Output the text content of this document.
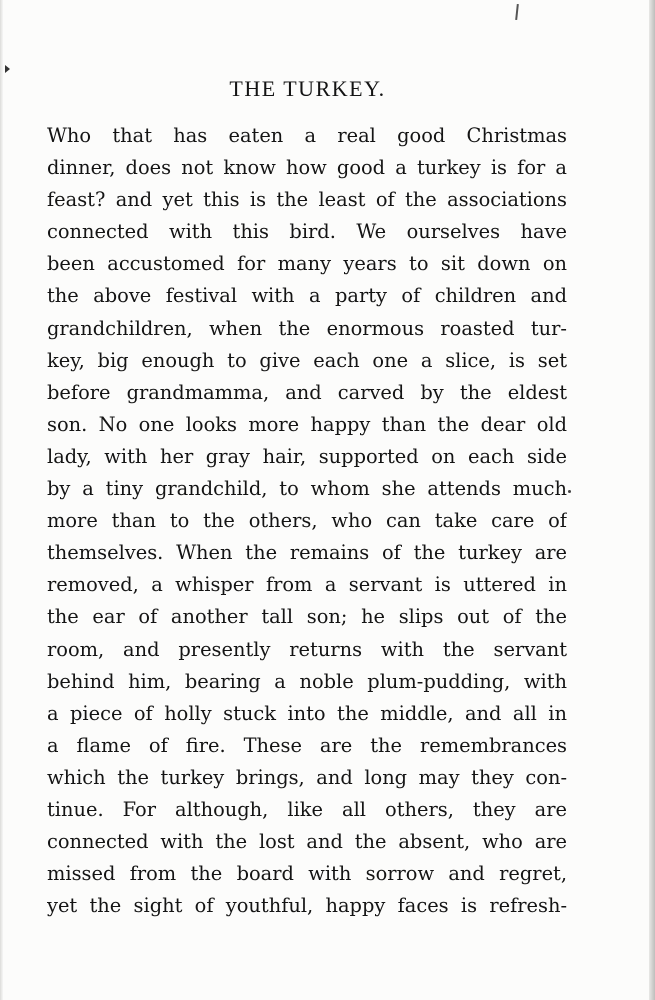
THE TURKEY.
Who that has eaten a real good Christmas
dinner, does not know how good a turkey is for a
feast? and yet this is the least of the associations
connected with this bird. We ourselves have
been accustomed for many years to sit down on
the above festival with a party of children and
grandchildren, when the enormous roasted tur-
key, big enough to give each one a slice, is set
before grandmamma, and carved by the eldest
son. No one looks more happy than the dear old
lady, with her gray hair, supported on each side
by a tiny grandchild, to whom she attends much
more than to the others, who can take care of
themselves. When the remains of the turkey are
removed, a whisper from a servant is uttered in
the ear of another tall son; he slips out of the
room, and presently returns with the servant
behind him, bearing a noble plum-pudding, with
a piece of holly stuck into the middle, and all in
a flame of fire. These are the remembrances
which the turkey brings, and long may they con-
tinue. For although, like all others, they are
connected with the lost and the absent, who are
missed from the board with sorrow and regret,
yet the sight of youthful, happy faces is refresh-
